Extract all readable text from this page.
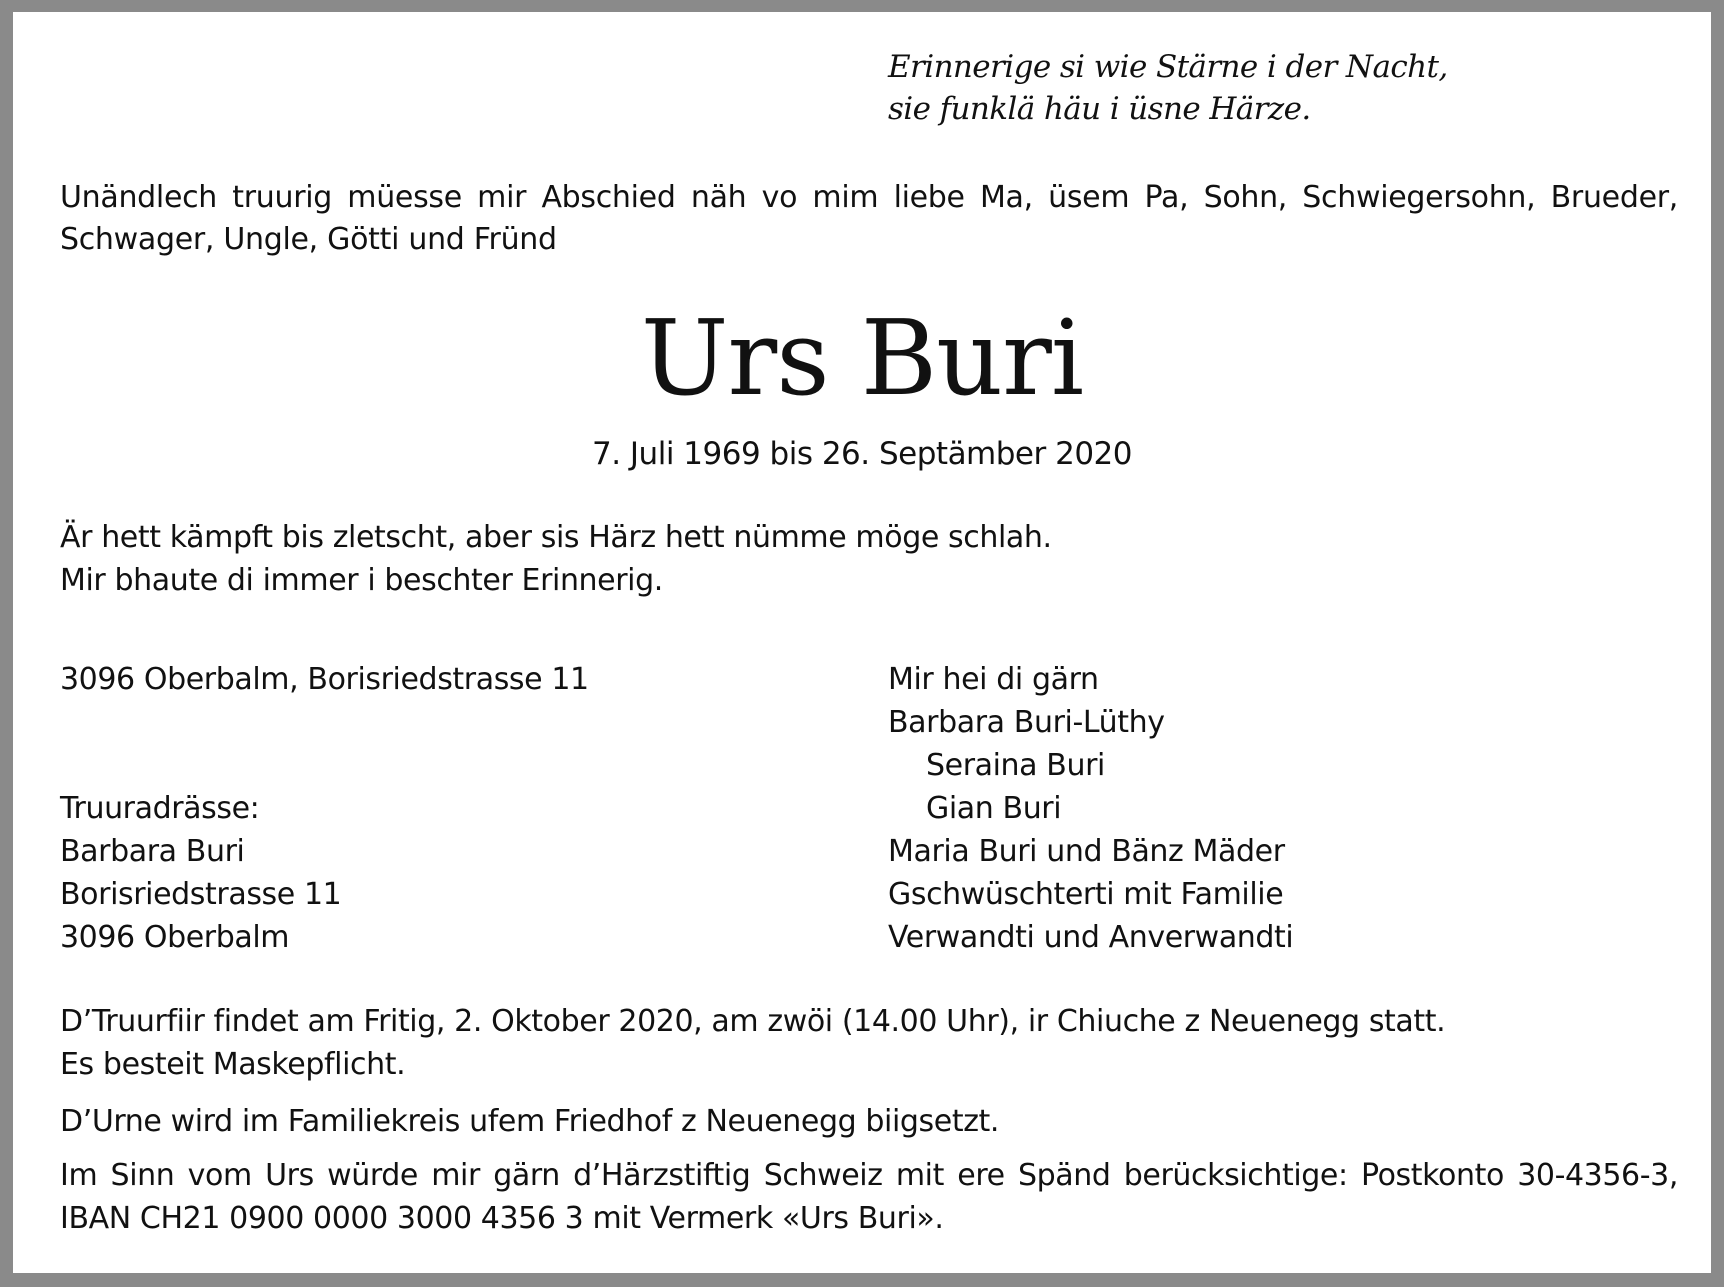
Erinnerige si wie Stärne i der Nacht,
sie funklä häu i üsne Härze.
Unändlech truurig müesse mir Abschied näh vo mim liebe Ma, üsem Pa, Sohn, Schwiegersohn, Brueder, Schwager, Ungle, Götti und Fründ
Urs Buri
7. Juli 1969 bis 26. Septämber 2020
Är hett kämpft bis zletscht, aber sis Härz hett nümme möge schlah.
Mir bhaute di immer i beschter Erinnerig.
3096 Oberbalm, Borisriedstrasse 11
Truuradrässe:
Barbara Buri
Borisriedstrasse 11
3096 Oberbalm
Mir hei di gärn
Barbara Buri-Lüthy
Seraina Buri
Gian Buri
Maria Buri und Bänz Mäder
Gschwüschterti mit Familie
Verwandti und Anverwandti
D’Truurfiir findet am Fritig, 2. Oktober 2020, am zwöi (14.00 Uhr), ir Chiuche z Neuenegg statt.
Es besteit Maskepflicht.
D’Urne wird im Familiekreis ufem Friedhof z Neuenegg biigsetzt.
Im Sinn vom Urs würde mir gärn d’Härzstiftig Schweiz mit ere Spänd berücksichtige: Postkonto 30-4356-3, IBAN CH21 0900 0000 3000 4356 3 mit Vermerk «Urs Buri».
